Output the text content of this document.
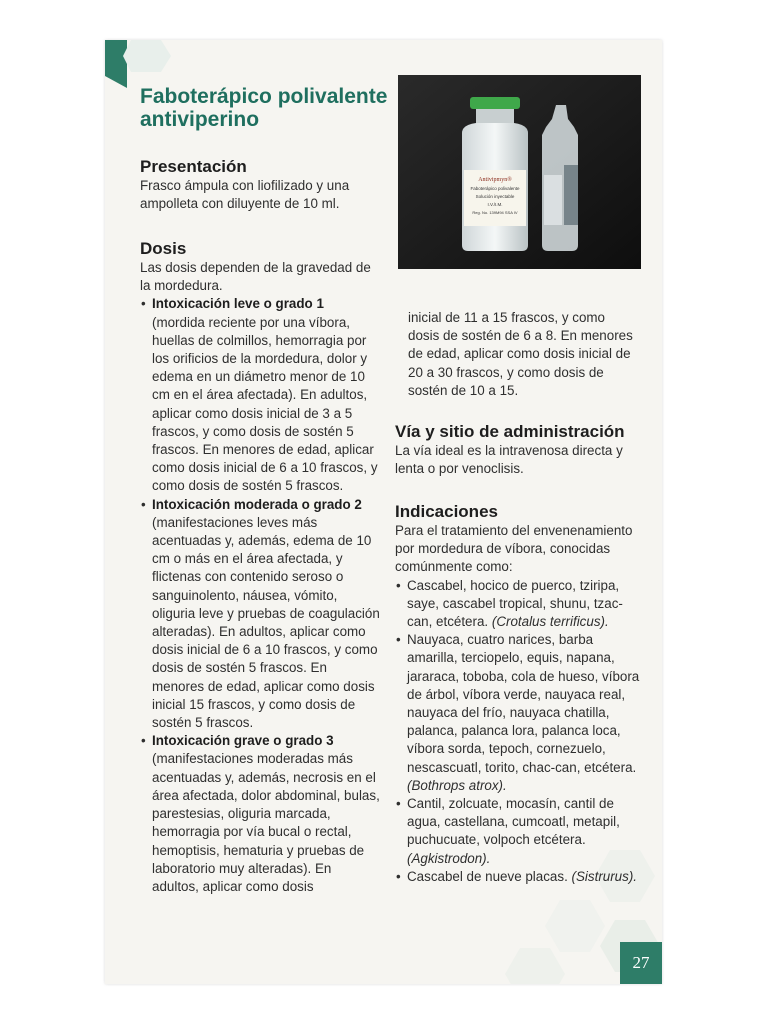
Faboterápico polivalente antiviperino
Antivipmyn®
Faboterápico polivalente
Solución inyectable
I.V./I.M.
Reg. No. 139M94 SSA IV
Presentación

Frasco ámpula con liofilizado y una ampolleta con diluyente de 10 ml.

Dosis

Las dosis dependen de la gravedad de la mordedura.

• Intoxicación leve o grado 1 (mordida reciente por una víbora, huellas de colmillos, hemorragia por los orificios de la mordedura, dolor y edema en un diámetro menor de 10 cm en el área afectada). En adultos, aplicar como dosis inicial de 3 a 5 frascos, y como dosis de sostén 5 frascos. En menores de edad, aplicar como dosis inicial de 6 a 10 frascos, y como dosis de sostén 5 frascos.
• Intoxicación moderada o grado 2 (manifestaciones leves más acentuadas y, además, edema de 10 cm o más en el área afectada, y flictenas con contenido seroso o sanguinolento, náusea, vómito, oliguria leve y pruebas de coagulación alteradas). En adultos, aplicar como dosis inicial de 6 a 10 frascos, y como dosis de sostén 5 frascos. En menores de edad, aplicar como dosis inicial 15 frascos, y como dosis de sostén 5 frascos.
• Intoxicación grave o grado 3 (manifestaciones moderadas más acentuadas y, además, necrosis en el área afectada, dolor abdominal, bulas, parestesias, oliguria marcada, hemorragia por vía bucal o rectal, hemoptisis, hematuria y pruebas de laboratorio muy alteradas). En adultos, aplicar como dosis

inicial de 11 a 15 frascos, y como dosis de sostén de 6 a 8. En menores de edad, aplicar como dosis inicial de 20 a 30 frascos, y como dosis de sostén de 10 a 15.

Vía y sitio de administración

La vía ideal es la intravenosa directa y lenta o por venoclisis.

Indicaciones

Para el tratamiento del envenenamiento por mordedura de víbora, conocidas comúnmente como:

• Cascabel, hocico de puerco, tziripa, saye, cascabel tropical, shunu, tzac-can, etcétera. (Crotalus terrificus).
• Nauyaca, cuatro narices, barba amarilla, terciopelo, equis, napana, jararaca, toboba, cola de hueso, víbora de árbol, víbora verde, nauyaca real, nauyaca del frío, nauyaca chatilla, palanca, palanca lora, palanca loca, víbora sorda, tepoch, cornezuelo, nescascuatl, torito, chac-can, etcétera. (Bothrops atrox).
• Cantil, zolcuate, mocasín, cantil de agua, castellana, cumcoatl, metapil, puchucuate, volpoch etcétera. (Agkistrodon).
• Cascabel de nueve placas. (Sistrurus).
27
